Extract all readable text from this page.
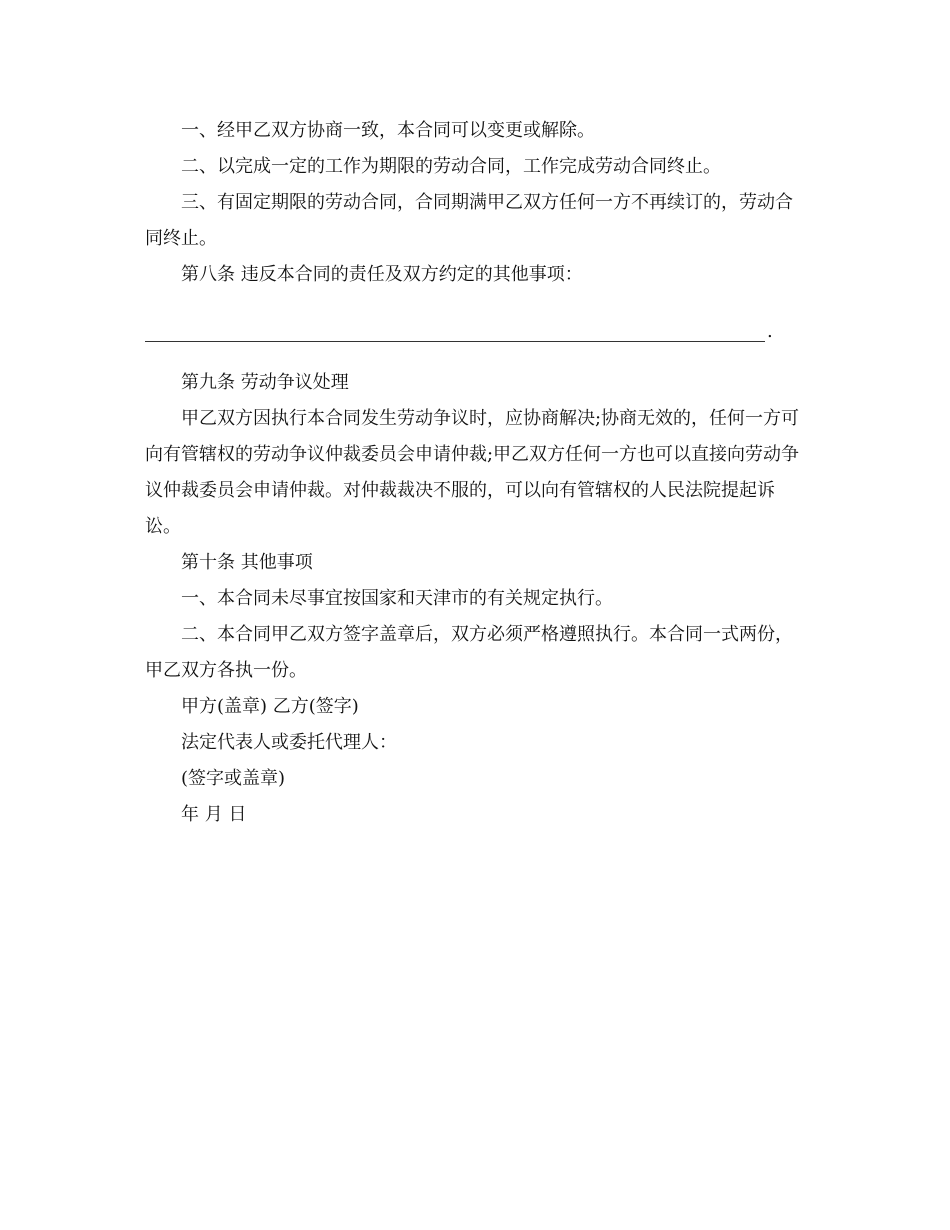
一、经甲乙双方协商一致，本合同可以变更或解除。

二、以完成一定的工作为期限的劳动合同，工作完成劳动合同终止。

三、有固定期限的劳动合同，合同期满甲乙双方任何一方不再续订的，劳动合同终止。

第八条 违反本合同的责任及双方约定的其他事项：

.

第九条 劳动争议处理

甲乙双方因执行本合同发生劳动争议时，应协商解决;协商无效的，任何一方可向有管辖权的劳动争议仲裁委员会申请仲裁;甲乙双方任何一方也可以直接向劳动争议仲裁委员会申请仲裁。对仲裁裁决不服的，可以向有管辖权的人民法院提起诉讼。

第十条 其他事项

一、本合同未尽事宜按国家和天津市的有关规定执行。

二、本合同甲乙双方签字盖章后，双方必须严格遵照执行。本合同一式两份，甲乙双方各执一份。

甲方(盖章) 乙方(签字)

法定代表人或委托代理人：

(签字或盖章)

年 月 日
